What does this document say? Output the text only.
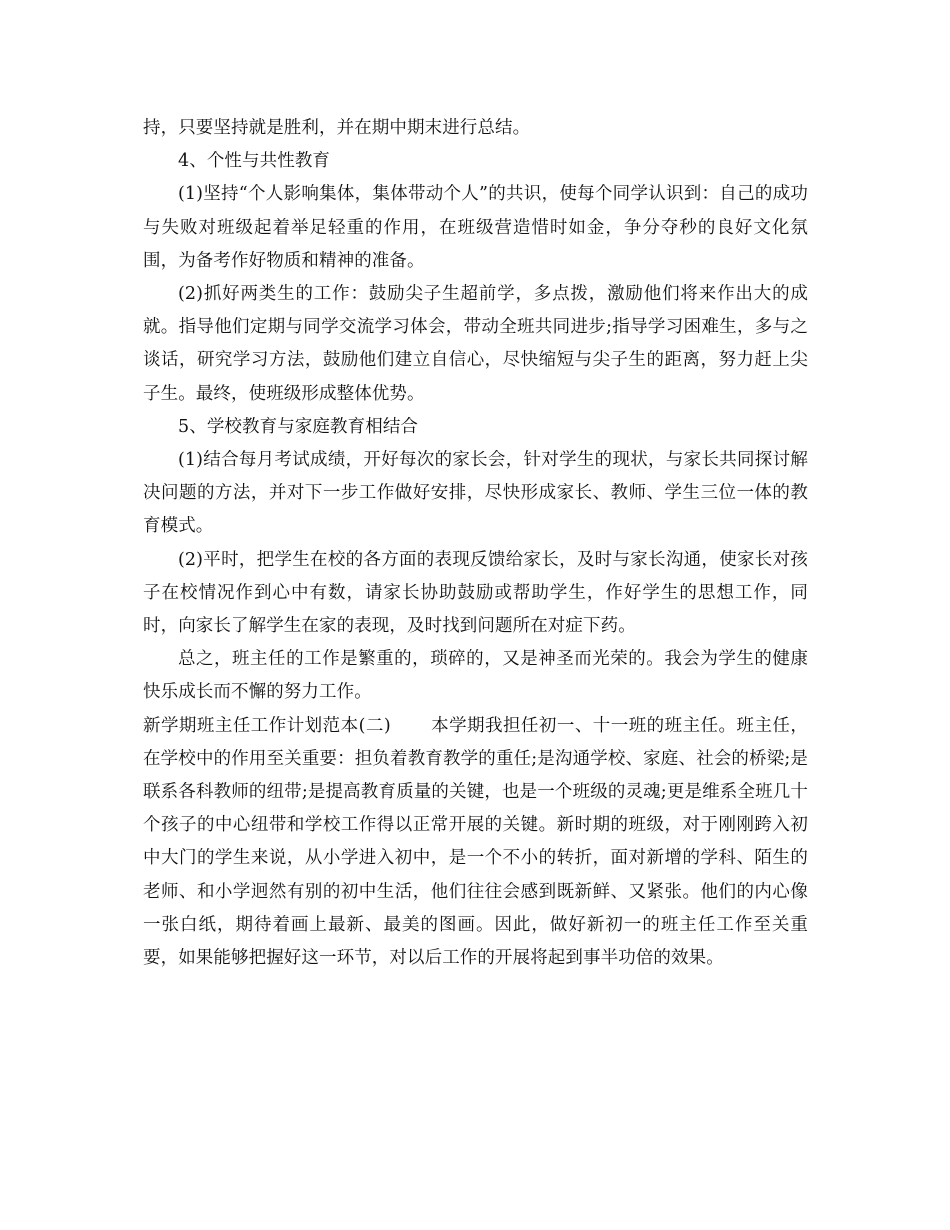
持，只要坚持就是胜利，并在期中期末进行总结。

4、个性与共性教育

(1)坚持“个人影响集体，集体带动个人”的共识，使每个同学认识到：自己的成功与失败对班级起着举足轻重的作用，在班级营造惜时如金，争分夺秒的良好文化氛围，为备考作好物质和精神的准备。

(2)抓好两类生的工作：鼓励尖子生超前学，多点拨，激励他们将来作出大的成就。指导他们定期与同学交流学习体会，带动全班共同进步;指导学习困难生，多与之谈话，研究学习方法，鼓励他们建立自信心，尽快缩短与尖子生的距离，努力赶上尖子生。最终，使班级形成整体优势。

5、学校教育与家庭教育相结合

(1)结合每月考试成绩，开好每次的家长会，针对学生的现状，与家长共同探讨解决问题的方法，并对下一步工作做好安排，尽快形成家长、教师、学生三位一体的教育模式。

(2)平时，把学生在校的各方面的表现反馈给家长，及时与家长沟通，使家长对孩子在校情况作到心中有数，请家长协助鼓励或帮助学生，作好学生的思想工作，同时，向家长了解学生在家的表现，及时找到问题所在对症下药。

总之，班主任的工作是繁重的，琐碎的，又是神圣而光荣的。我会为学生的健康快乐成长而不懈的努力工作。

新学期班主任工作计划范本(二) 本学期我担任初一、十一班的班主任。班主任，在学校中的作用至关重要：担负着教育教学的重任;是沟通学校、家庭、社会的桥梁;是联系各科教师的纽带;是提高教育质量的关键，也是一个班级的灵魂;更是维系全班几十个孩子的中心纽带和学校工作得以正常开展的关键。新时期的班级，对于刚刚跨入初中大门的学生来说，从小学进入初中，是一个不小的转折，面对新增的学科、陌生的老师、和小学迥然有别的初中生活，他们往往会感到既新鲜、又紧张。他们的内心像一张白纸，期待着画上最新、最美的图画。因此，做好新初一的班主任工作至关重要，如果能够把握好这一环节，对以后工作的开展将起到事半功倍的效果。
